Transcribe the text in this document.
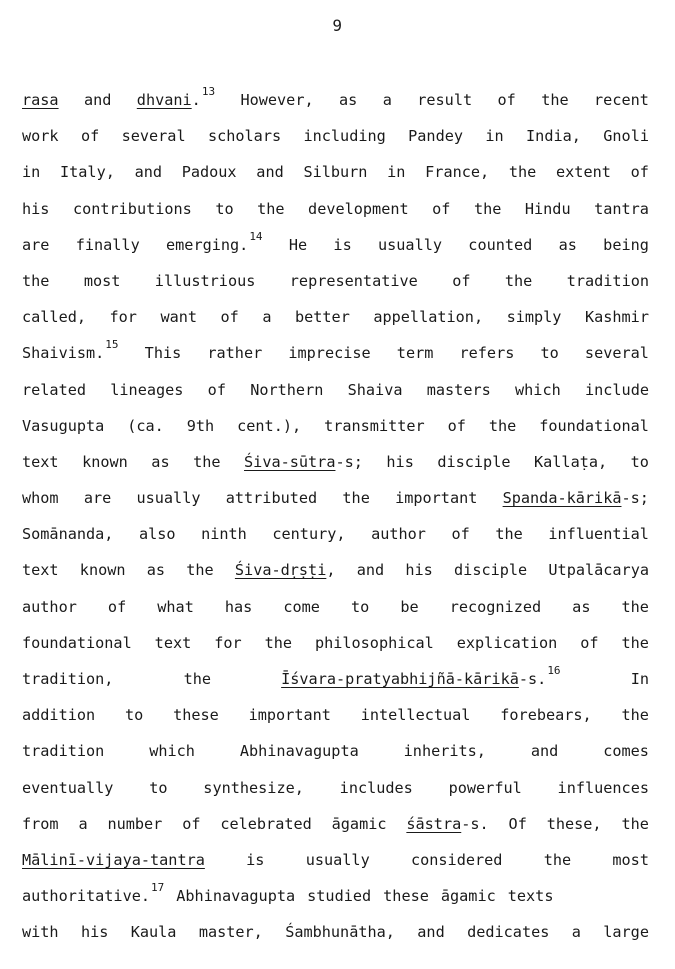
9
rasa and dhvani.$^{13}$ However, as a result of the recent
work of several scholars including Pandey in India, Gnoli
in Italy, and Padoux and Silburn in France, the extent of
his contributions to the development of the Hindu tantra
are finally emerging.$^{14}$ He is usually counted as being
the most illustrious representative of the tradition
called, for want of a better appellation, simply Kashmir
Shaivism.$^{15}$ This rather imprecise term refers to several
related lineages of Northern Shaiva masters which include
Vasugupta (ca. 9th cent.), transmitter of the foundational
text known as the Śiva-sūtra-s; his disciple Kallaṭa, to
whom are usually attributed the important Spanda-kārikā-s;
Somānanda, also ninth century, author of the influential
text known as the Śiva-dṛṣṭi, and his disciple Utpalācarya
author of what has come to be recognized as the
foundational text for the philosophical explication of the
tradition,	the	Īśvara-pratyabhijñā-kārikā-s.$^{16}$	In
addition to these important intellectual forebears, the
tradition	which	Abhinavagupta	inherits,	and	comes
eventually to synthesize, includes powerful influences
from a number of celebrated āgamic śāstra-s. Of these, the
Mālinī-vijaya-tantra	is	usually	considered	the	most
authoritative.$^{17}$ Abhinavagupta studied these āgamic texts
with his Kaula master, Śambhunātha, and dedicates a large
